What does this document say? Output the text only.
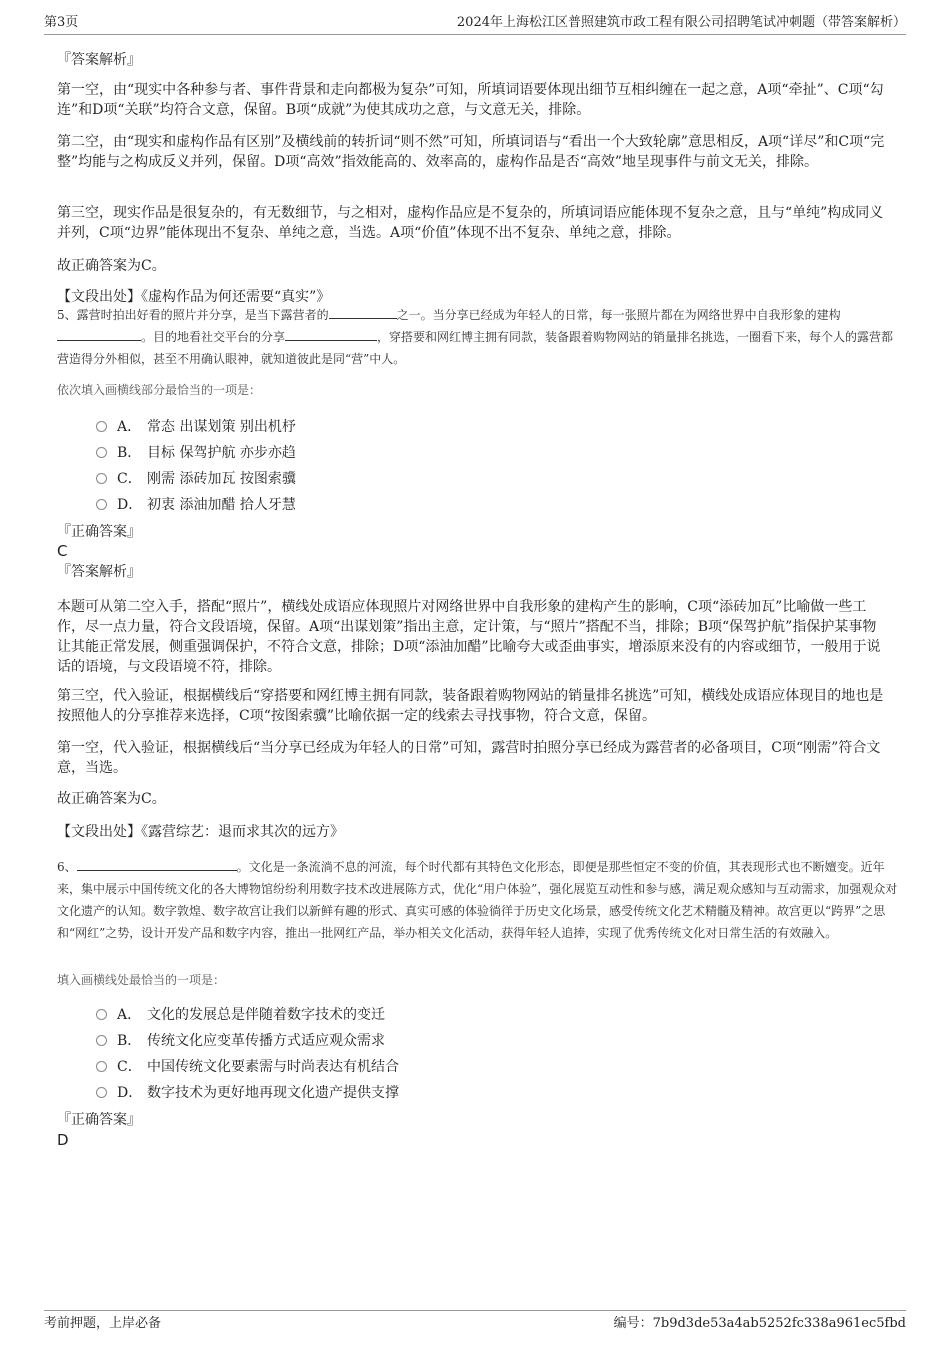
第3页	2024年上海松江区普照建筑市政工程有限公司招聘笔试冲刺题（带答案解析）
『答案解析』
第一空，由“现实中各种参与者、事件背景和走向都极为复杂”可知，所填词语要体现出细节互相纠缠在一起之意，A项“牵扯”、C项“勾连”和D项“关联”均符合文意，保留。B项“成就”为使其成功之意，与文意无关，排除。
第二空，由“现实和虚构作品有区别”及横线前的转折词“则不然”可知，所填词语与“看出一个大致轮廓”意思相反，A项“详尽”和C项“完整”均能与之构成反义并列，保留。D项“高效”指效能高的、效率高的，虚构作品是否“高效”地呈现事件与前文无关，排除。
第三空，现实作品是很复杂的，有无数细节，与之相对，虚构作品应是不复杂的，所填词语应能体现不复杂之意，且与“单纯”构成同义并列，C项“边界”能体现出不复杂、单纯之意，当选。A项“价值”体现不出不复杂、单纯之意，排除。
故正确答案为C。
【文段出处】《虚构作品为何还需要“真实”》
5、露营时拍出好看的照片并分享，是当下露营者的	之一。当分享已经成为年轻人的日常，每一张照片都在为网络世界中自我形象的建构。目的地看社交平台的分享	，穿搭要和网红博主拥有同款，装备跟着购物网站的销量排名挑选，一圈看下来，每个人的露营都营造得分外相似，甚至不用确认眼神，就知道彼此是同“营”中人。
依次填入画横线部分最恰当的一项是：
A． 常态 出谋划策 别出机杼
B． 目标 保驾护航 亦步亦趋
C． 刚需 添砖加瓦 按图索骥
D． 初衷 添油加醋 拾人牙慧
『正确答案』
C
『答案解析』
本题可从第二空入手，搭配“照片”，横线处成语应体现照片对网络世界中自我形象的建构产生的影响，C项“添砖加瓦”比喻做一些工作，尽一点力量，符合文段语境，保留。A项“出谋划策”指出主意，定计策，与“照片”搭配不当，排除；B项“保驾护航”指保护某事物让其能正常发展，侧重强调保护，不符合文意，排除；D项“添油加醋”比喻夸大或歪曲事实，增添原来没有的内容或细节，一般用于说话的语境，与文段语境不符，排除。
第三空，代入验证，根据横线后“穿搭要和网红博主拥有同款，装备跟着购物网站的销量排名挑选”可知，横线处成语应体现目的地也是按照他人的分享推荐来选择，C项“按图索骥”比喻依据一定的线索去寻找事物，符合文意，保留。
第一空，代入验证，根据横线后“当分享已经成为年轻人的日常”可知，露营时拍照分享已经成为露营者的必备项目，C项“刚需”符合文意，当选。
故正确答案为C。
【文段出处】《露营综艺：退而求其次的远方》
6、	。文化是一条流淌不息的河流，每个时代都有其特色文化形态，即便是那些恒定不变的价值，其表现形式也不断嬗变。近年来，集中展示中国传统文化的各大博物馆纷纷利用数字技术改进展陈方式，优化“用户体验”，强化展览互动性和参与感，满足观众感知与互动需求，加强观众对文化遗产的认知。数字敦煌、数字故宫让我们以新鲜有趣的形式、真实可感的体验徜徉于历史文化场景，感受传统文化艺术精髓及精神。故宫更以“跨界”之思和“网红”之势，设计开发产品和数字内容，推出一批网红产品，举办相关文化活动，获得年轻人追捧，实现了优秀传统文化对日常生活的有效融入。
填入画横线处最恰当的一项是：
A． 文化的发展总是伴随着数字技术的变迁
B． 传统文化应变革传播方式适应观众需求
C． 中国传统文化要素需与时尚表达有机结合
D． 数字技术为更好地再现文化遗产提供支撑
『正确答案』
D
考前押题，上岸必备	编号：7b9d3de53a4ab5252fc338a961ec5fbd
